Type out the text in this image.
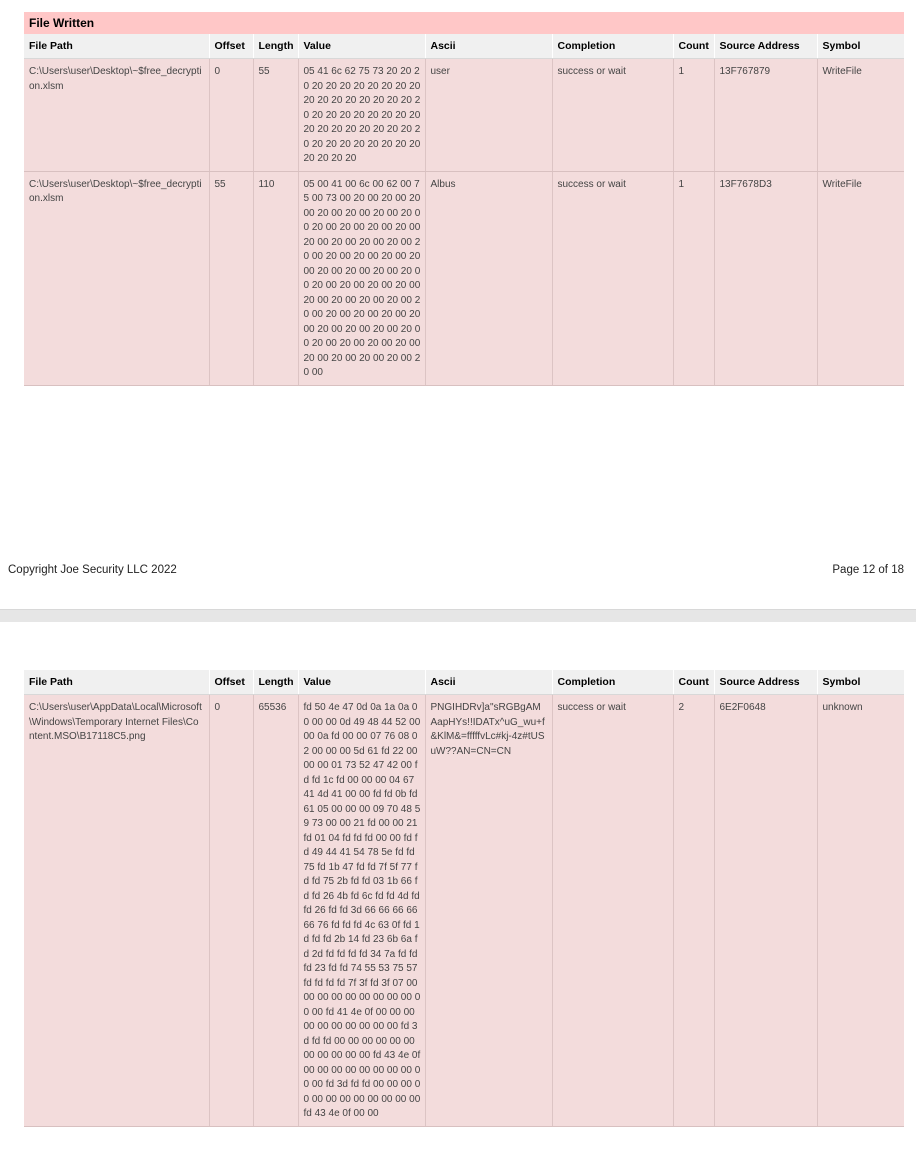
File Written
File Path	Offset	Length	Value	Ascii	Completion	Count	Source Address	Symbol
C:\Users\user\Desktop\~$free_decryption.xlsm	0	55	05 41 6c 62 75 73 20 20 20 20 20 20 20 20 20 20 20 20 20 20 20 20 20 20 20 20 20 20 20 20 20 20 20 20 20 20 20 20 20 20 20 20 20 20 20 20 20 20 20 20 20 20 20 20 20	user	success or wait	1	13F767879	WriteFile
C:\Users\user\Desktop\~$free_decryption.xlsm	55	110	05 00 41 00 6c 00 62 00 75 00 73 00 20 00 20 00 20 00 20 00 20 00 20 00 20 00 20 00 20 00 20 00 20 00 20 00 20 00 20 00 20 00 20 00 20 00 20 00 20 00 20 00 20 00 20 00 20 00 20 00 20 00 20 00 20 00 20 00 20 00 20 00 20 00 20 00 20 00 20 00 20 00 20 00 20 00 20 00 20 00 20 00 20 00 20 00 20 00 20 00 20 00 20 00 20 00 20 00 20 00 20 00	Albus	success or wait	1	13F7678D3	WriteFile
Copyright Joe Security LLC 2022	Page 12 of 18
File Path	Offset	Length	Value	Ascii	Completion	Count	Source Address	Symbol
C:\Users\user\AppData\Local\Microsoft\Windows\Temporary Internet Files\Content.MSO\B17118C5.png	0	65536	fd 50 4e 47 0d 0a 1a 0a 00 00 00 0d 49 48 44 52 00 00 0a fd 00 00 07 76 08 02 00 00 00 5d 61 fd 22 00 00 00 01 73 52 47 42 00 fd fd 1c fd 00 00 00 04 67 41 4d 41 00 00 fd fd 0b fd 61 05 00 00 00 09 70 48 59 73 00 00 21 fd 00 00 21 fd 01 04 fd fd fd 00 00 fd fd 49 44 41 54 78 5e fd fd 75 fd 1b 47 fd fd 7f 5f 77 fd fd 75 2b fd fd 03 1b 66 fd fd 26 4b fd 6c fd fd 4d fd fd 26 fd fd 3d 66 66 66 66 66 76 fd fd fd 4c 63 0f fd 1d fd fd 2b 14 fd 23 6b 6a fd 2d fd fd fd fd 34 7a fd fd fd 23 fd fd 74 55 53 75 57 fd fd fd fd 7f 3f fd 3f 07 00 00 00 00 00 00 00 00 00 00 00 fd 41 4e 0f 00 00 00 00 00 00 00 00 00 00 fd 3d fd fd 00 00 00 00 00 00 00 00 00 00 00 fd 43 4e 0f 00 00 00 00 00 00 00 00 00 00 fd 3d fd fd 00 00 00 00 00 00 00 00 00 00 00 00 fd 43 4e 0f 00 00	PNGIHDRv]a"sRGBgAMAapHYs!!IDATx^uG_wu+f&KlM&=fffffvLc#kj-4z#tUSuW??AN=CN=CN	success or wait	2	6E2F0648	unknown
